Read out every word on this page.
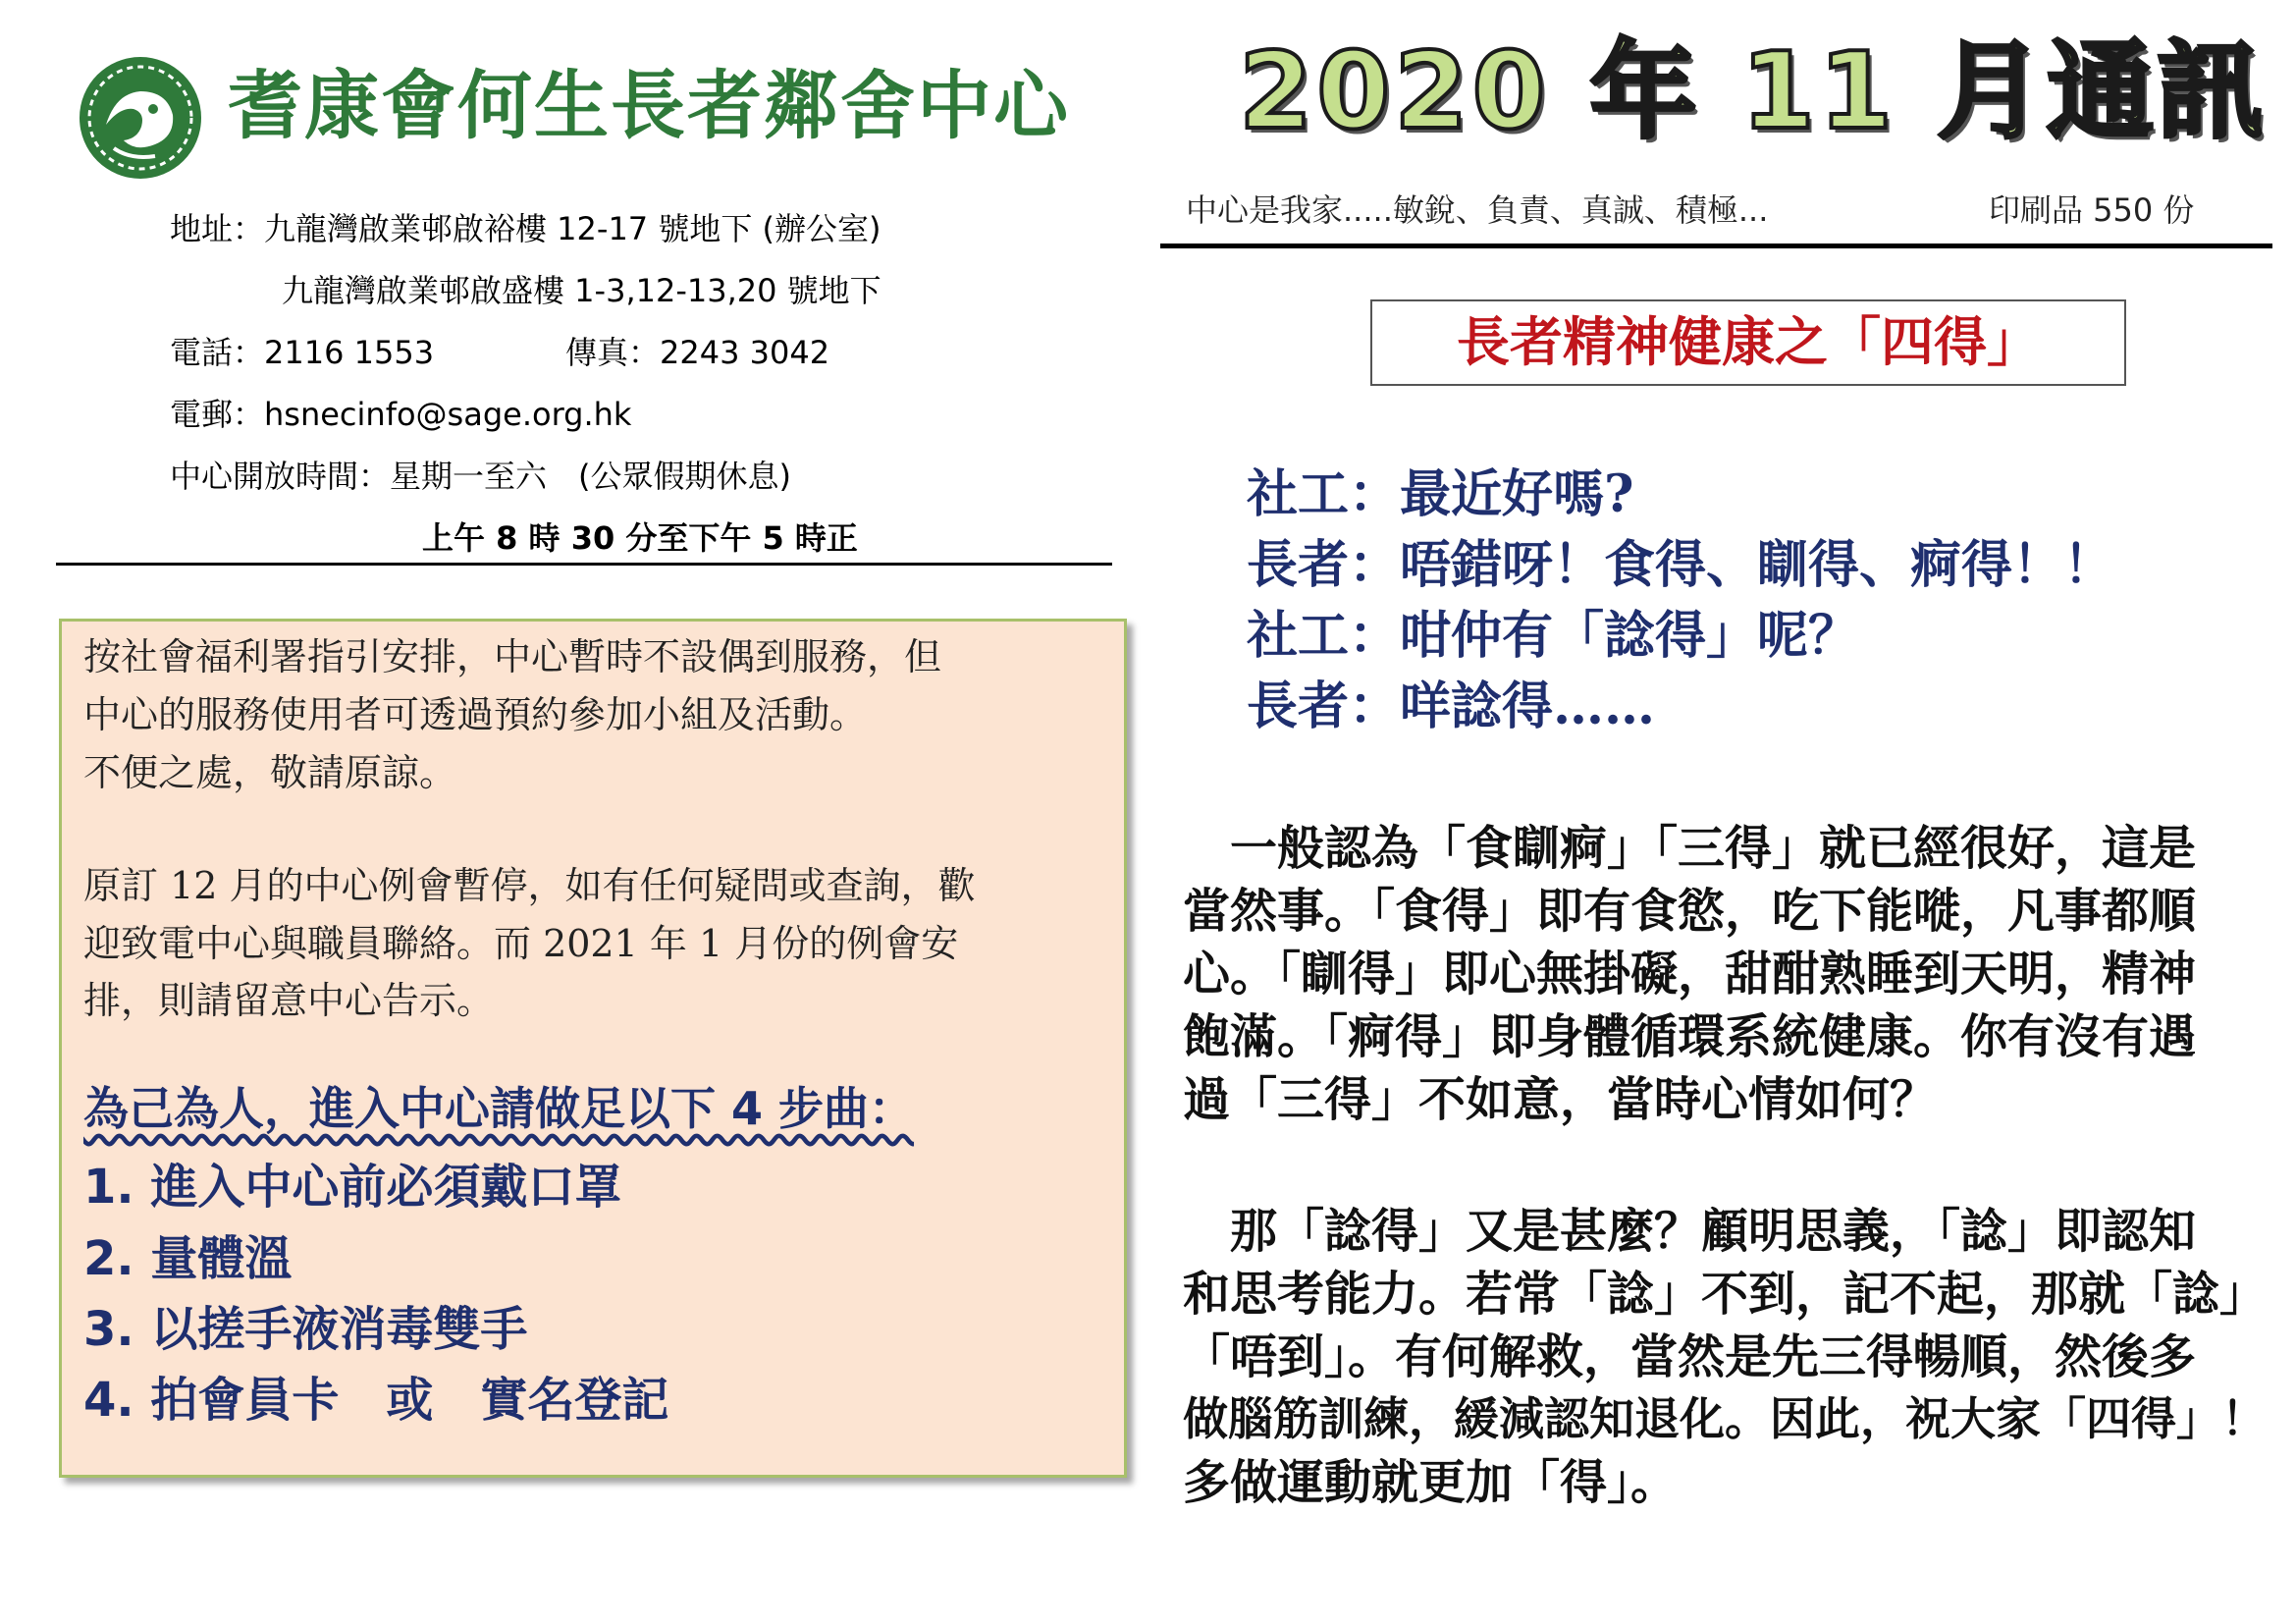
耆康會何生長者鄰舍中心
地址：九龍灣啟業邨啟裕樓 12-17 號地下 (辦公室)
九龍灣啟業邨啟盛樓 1-3,12-13,20 號地下
電話：2116 1553	傳真：2243 3042
電郵：hsnecinfo@sage.org.hk
中心開放時間：星期一至六　(公眾假期休息)
上午 8 時 30 分至下午 5 時正
按社會福利署指引安排，中心暫時不設偶到服務，但
中心的服務使用者可透過預約參加小組及活動。
不便之處，敬請原諒。
原訂 12 月的中心例會暫停，如有任何疑問或查詢，歡
迎致電中心與職員聯絡。而 2021 年 1 月份的例會安
排，則請留意中心告示。
為己為人，進入中心請做足以下 4 步曲：
1. 進入中心前必須戴口罩
2. 量體溫
3. 以搓手液消毒雙手
4. 拍會員卡　或　實名登記
2020 年 11 月通訊
中心是我家.....敏銳、負責、真誠、積極...	印刷品 550 份
長者精神健康之「四得」
社工：最近好嗎?
長者：唔錯呀！食得、瞓得、痾得！！
社工：咁仲有「諗得」呢？
長者：咩諗得……
　一般認為「食瞓痾」「三得」就已經很好，這是
當然事。「食得」即有食慾，吃下能嘥，凡事都順
心。「瞓得」即心無掛礙，甜酣熟睡到天明，精神
飽滿。「痾得」即身體循環系統健康。你有沒有遇
過「三得」不如意，當時心情如何？
　那「諗得」又是甚麼？顧明思義，「諗」即認知
和思考能力。若常「諗」不到，記不起，那就「諗」
「唔到」。有何解救，當然是先三得暢順，然後多
做腦筋訓練，緩減認知退化。因此，祝大家「四得」！
多做運動就更加「得」。
